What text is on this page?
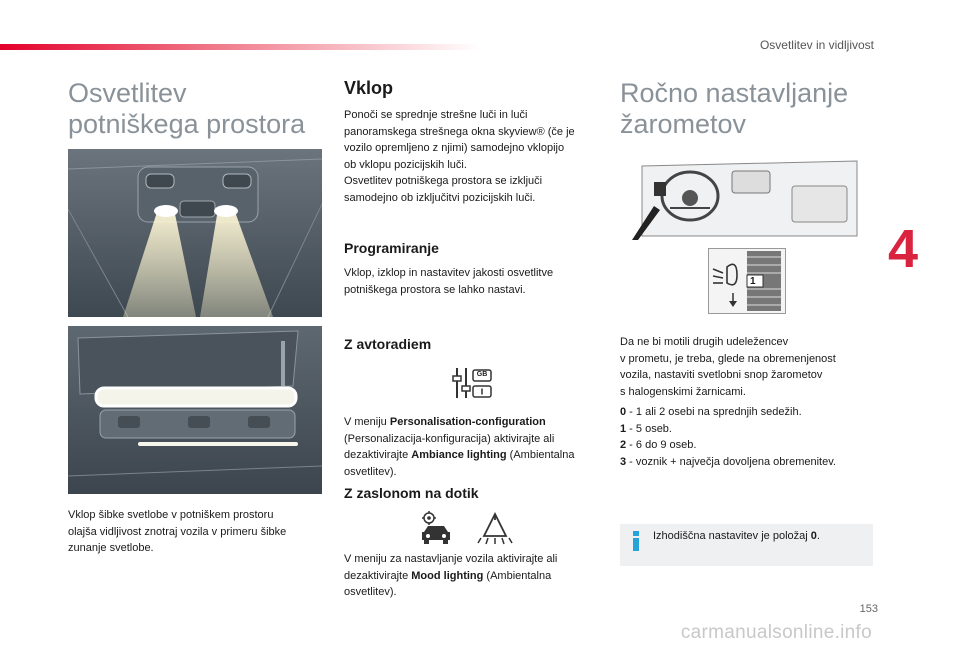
Osvetlitev in vidljivost
4
Osvetlitev
potniškega prostora
Vklop šibke svetlobe v potniškem prostoru
olajša vidljivost znotraj vozila v primeru šibke
zunanje svetlobe.
Vklop
Ponoči se sprednje strešne luči in luči
panoramskega strešnega okna skyview® (če je
vozilo opremljeno z njimi) samodejno vklopijo
ob vklopu pozicijskih luči.
Osvetlitev potniškega prostora se izključi
samodejno ob izključitvi pozicijskih luči.
Programiranje
Vklop, izklop in nastavitev jakosti osvetlitve
potniškega prostora se lahko nastavi.
Z avtoradiem
GB
V meniju Personalisation-configuration
(Personalizacija-konfiguracija) aktivirajte ali
dezaktivirajte Ambiance lighting (Ambientalna
osvetlitev).
Z zaslonom na dotik
V meniju za nastavljanje vozila aktivirajte ali
dezaktivirajte Mood lighting (Ambientalna
osvetlitev).
Ročno nastavljanje
žarometov
1
Da ne bi motili drugih udeležencev
v prometu, je treba, glede na obremenjenost
vozila, nastaviti svetlobni snop žarometov
s halogenskimi žarnicami.
0 - 1 ali 2 osebi na sprednjih sedežih.
1 - 5 oseb.
2 - 6 do 9 oseb.
3 - voznik + največja dovoljena obremenitev.
Izhodiščna nastavitev je položaj 0.
153
carmanualsonline.info
